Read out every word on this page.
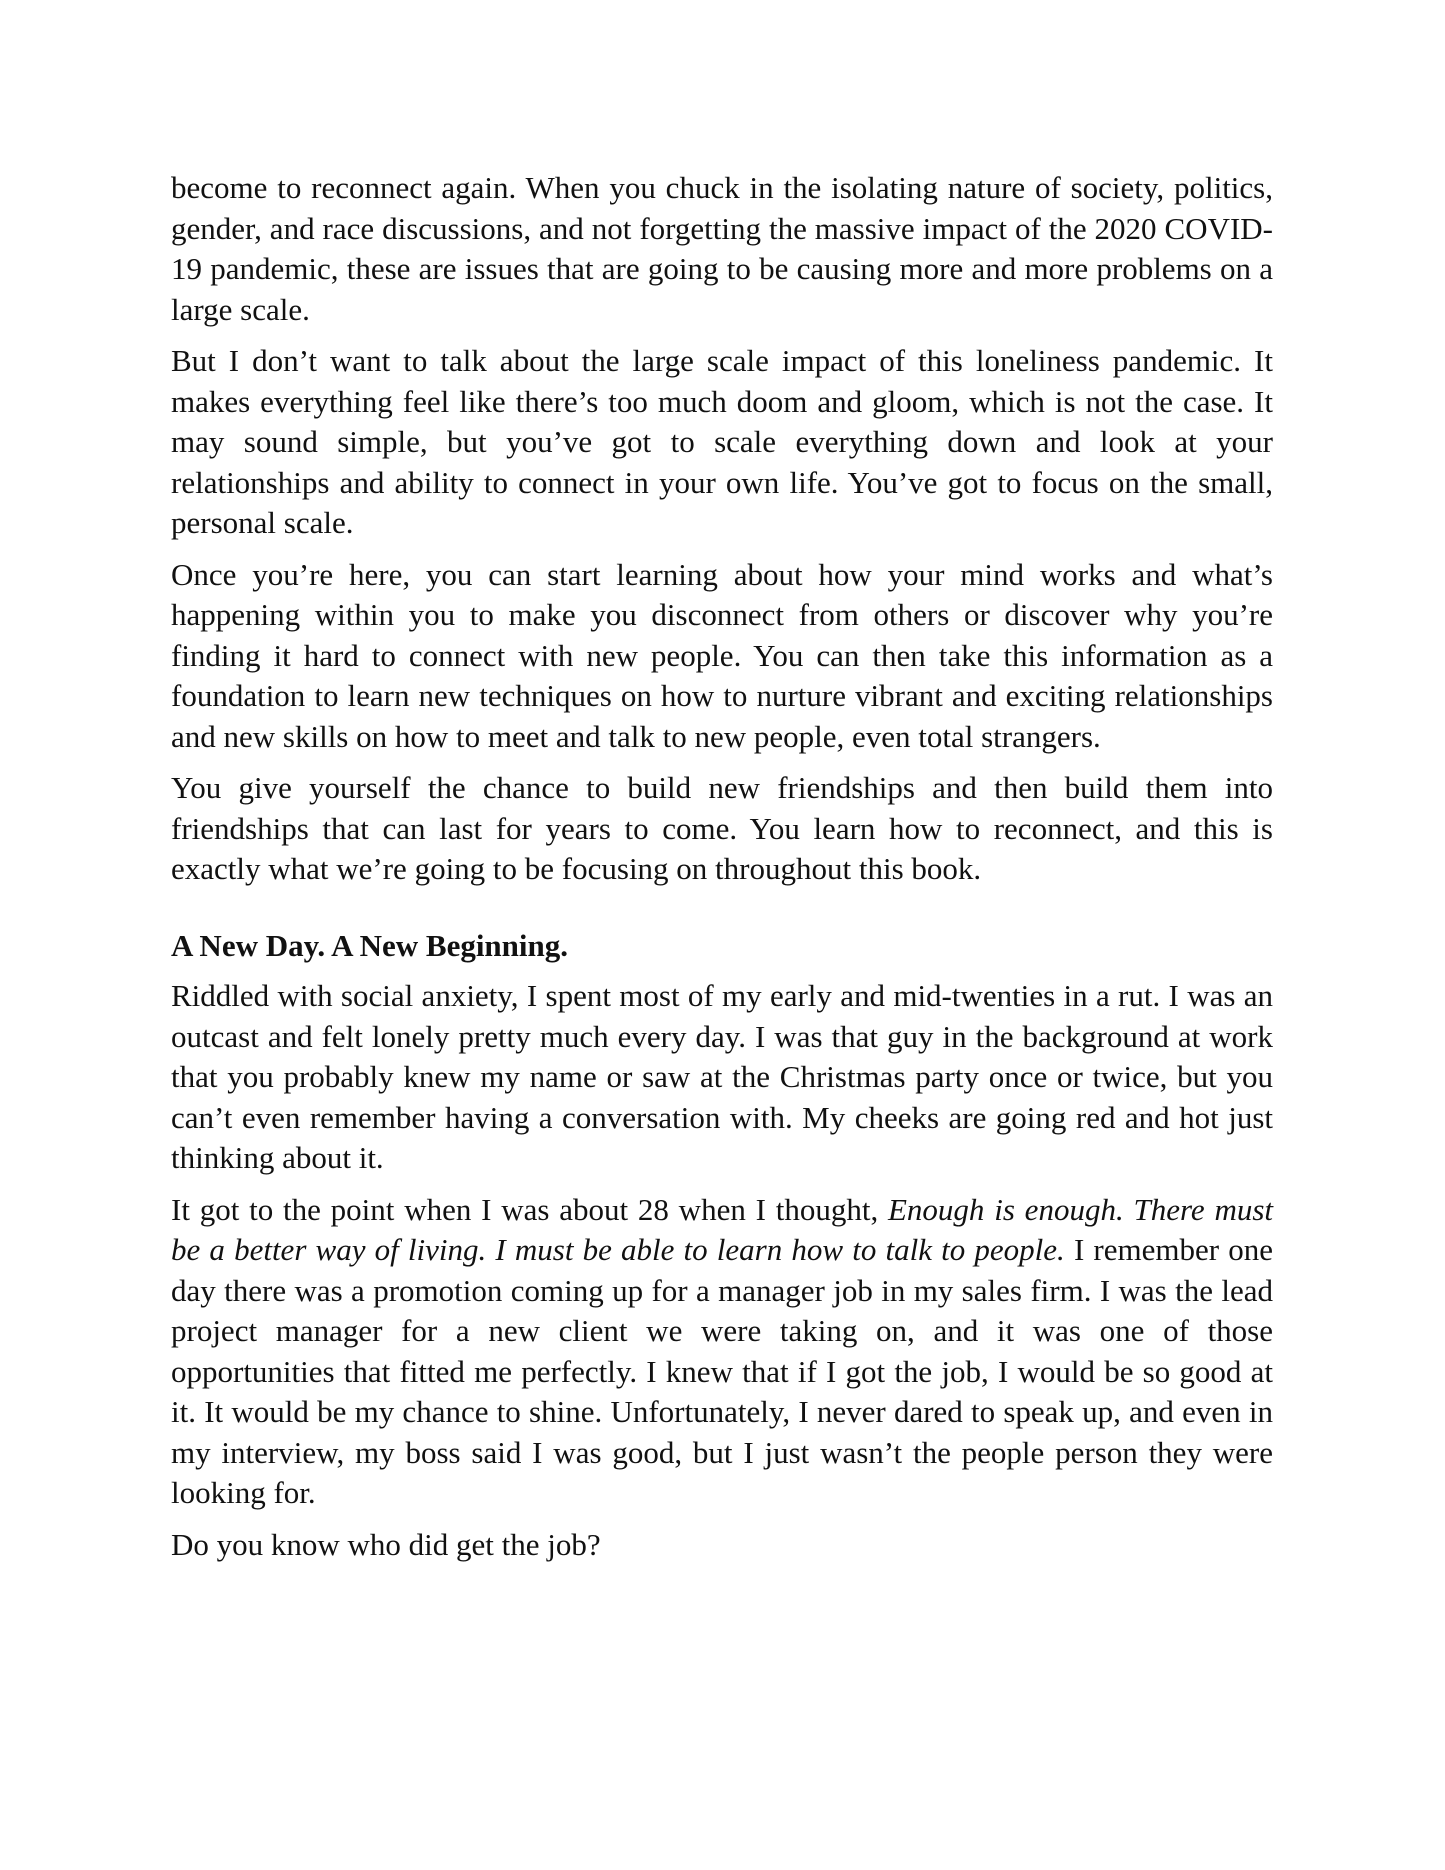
become to reconnect again. When you chuck in the isolating nature of society, politics, gender, and race discussions, and not forgetting the massive impact of the 2020 COVID-19 pandemic, these are issues that are going to be causing more and more problems on a large scale.

But I don’t want to talk about the large scale impact of this loneliness pandemic. It makes everything feel like there’s too much doom and gloom, which is not the case. It may sound simple, but you’ve got to scale everything down and look at your relationships and ability to connect in your own life. You’ve got to focus on the small, personal scale.

Once you’re here, you can start learning about how your mind works and what’s happening within you to make you disconnect from others or discover why you’re finding it hard to connect with new people. You can then take this information as a foundation to learn new techniques on how to nurture vibrant and exciting relationships and new skills on how to meet and talk to new people, even total strangers.

You give yourself the chance to build new friendships and then build them into friendships that can last for years to come. You learn how to reconnect, and this is exactly what we’re going to be focusing on throughout this book.

A New Day. A New Beginning.

Riddled with social anxiety, I spent most of my early and mid-twenties in a rut. I was an outcast and felt lonely pretty much every day. I was that guy in the background at work that you probably knew my name or saw at the Christmas party once or twice, but you can’t even remember having a conversation with. My cheeks are going red and hot just thinking about it.

It got to the point when I was about 28 when I thought, Enough is enough. There must be a better way of living. I must be able to learn how to talk to people. I remember one day there was a promotion coming up for a manager job in my sales firm. I was the lead project manager for a new client we were taking on, and it was one of those opportunities that fitted me perfectly. I knew that if I got the job, I would be so good at it. It would be my chance to shine. Unfortunately, I never dared to speak up, and even in my interview, my boss said I was good, but I just wasn’t the people person they were looking for.

Do you know who did get the job?
